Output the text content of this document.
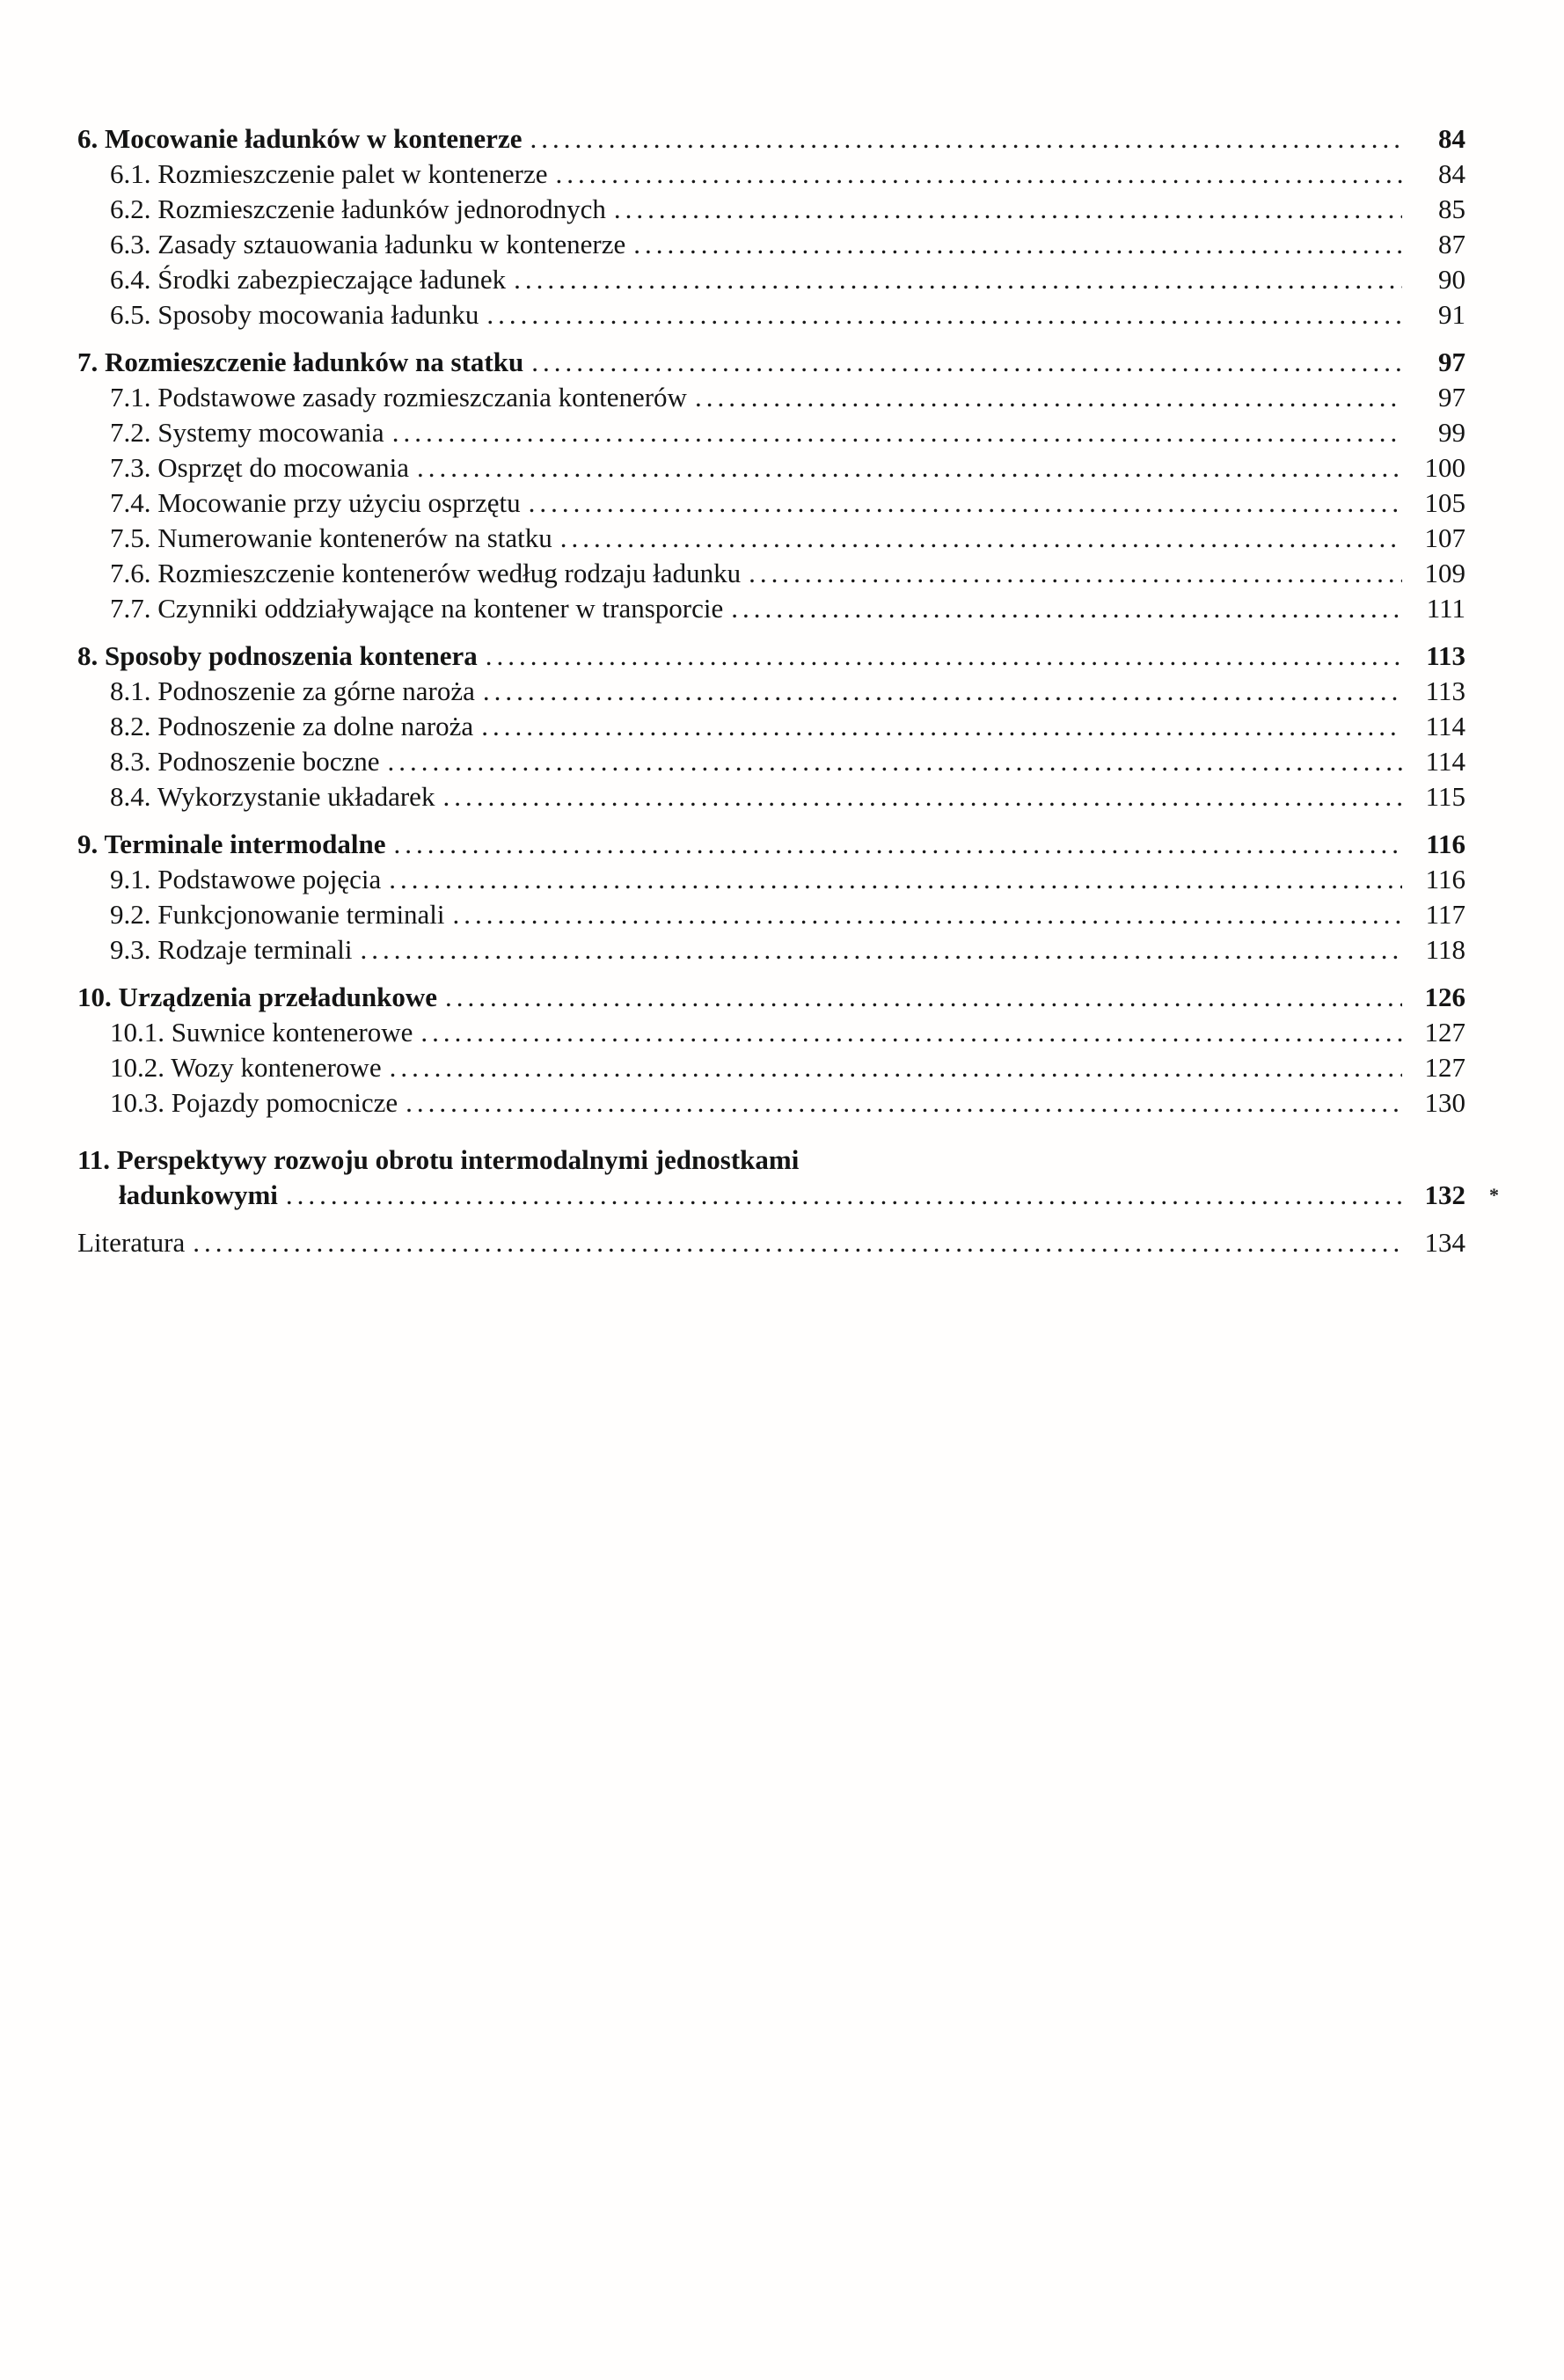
6. Mocowanie ładunków w kontenerze .....	84
6.1. Rozmieszczenie palet w kontenerze .....	84
6.2. Rozmieszczenie ładunków jednorodnych .....	85
6.3. Zasady sztauowania ładunku w kontenerze .....	87
6.4. Środki zabezpieczające ładunek .....	90
6.5. Sposoby mocowania ładunku .....	91
7. Rozmieszczenie ładunków na statku .....	97
7.1. Podstawowe zasady rozmieszczania kontenerów .....	97
7.2. Systemy mocowania .....	99
7.3. Osprzęt do mocowania .....	100
7.4. Mocowanie przy użyciu osprzętu .....	105
7.5. Numerowanie kontenerów na statku .....	107
7.6. Rozmieszczenie kontenerów według rodzaju ładunku .....	109
7.7. Czynniki oddziaływające na kontener w transporcie .....	111
8. Sposoby podnoszenia kontenera .....	113
8.1. Podnoszenie za górne naroża .....	113
8.2. Podnoszenie za dolne naroża .....	114
8.3. Podnoszenie boczne .....	114
8.4. Wykorzystanie układarek .....	115
9. Terminale intermodalne .....	116
9.1. Podstawowe pojęcia .....	116
9.2. Funkcjonowanie terminali .....	117
9.3. Rodzaje terminali .....	118
10. Urządzenia przeładunkowe .....	126
10.1. Suwnice kontenerowe .....	127
10.2. Wozy kontenerowe .....	127
10.3. Pojazdy pomocnicze .....	130
11. Perspektywy rozwoju obrotu intermodalnymi jednostkami
ładunkowymi .....	132 *
Literatura .....	134
